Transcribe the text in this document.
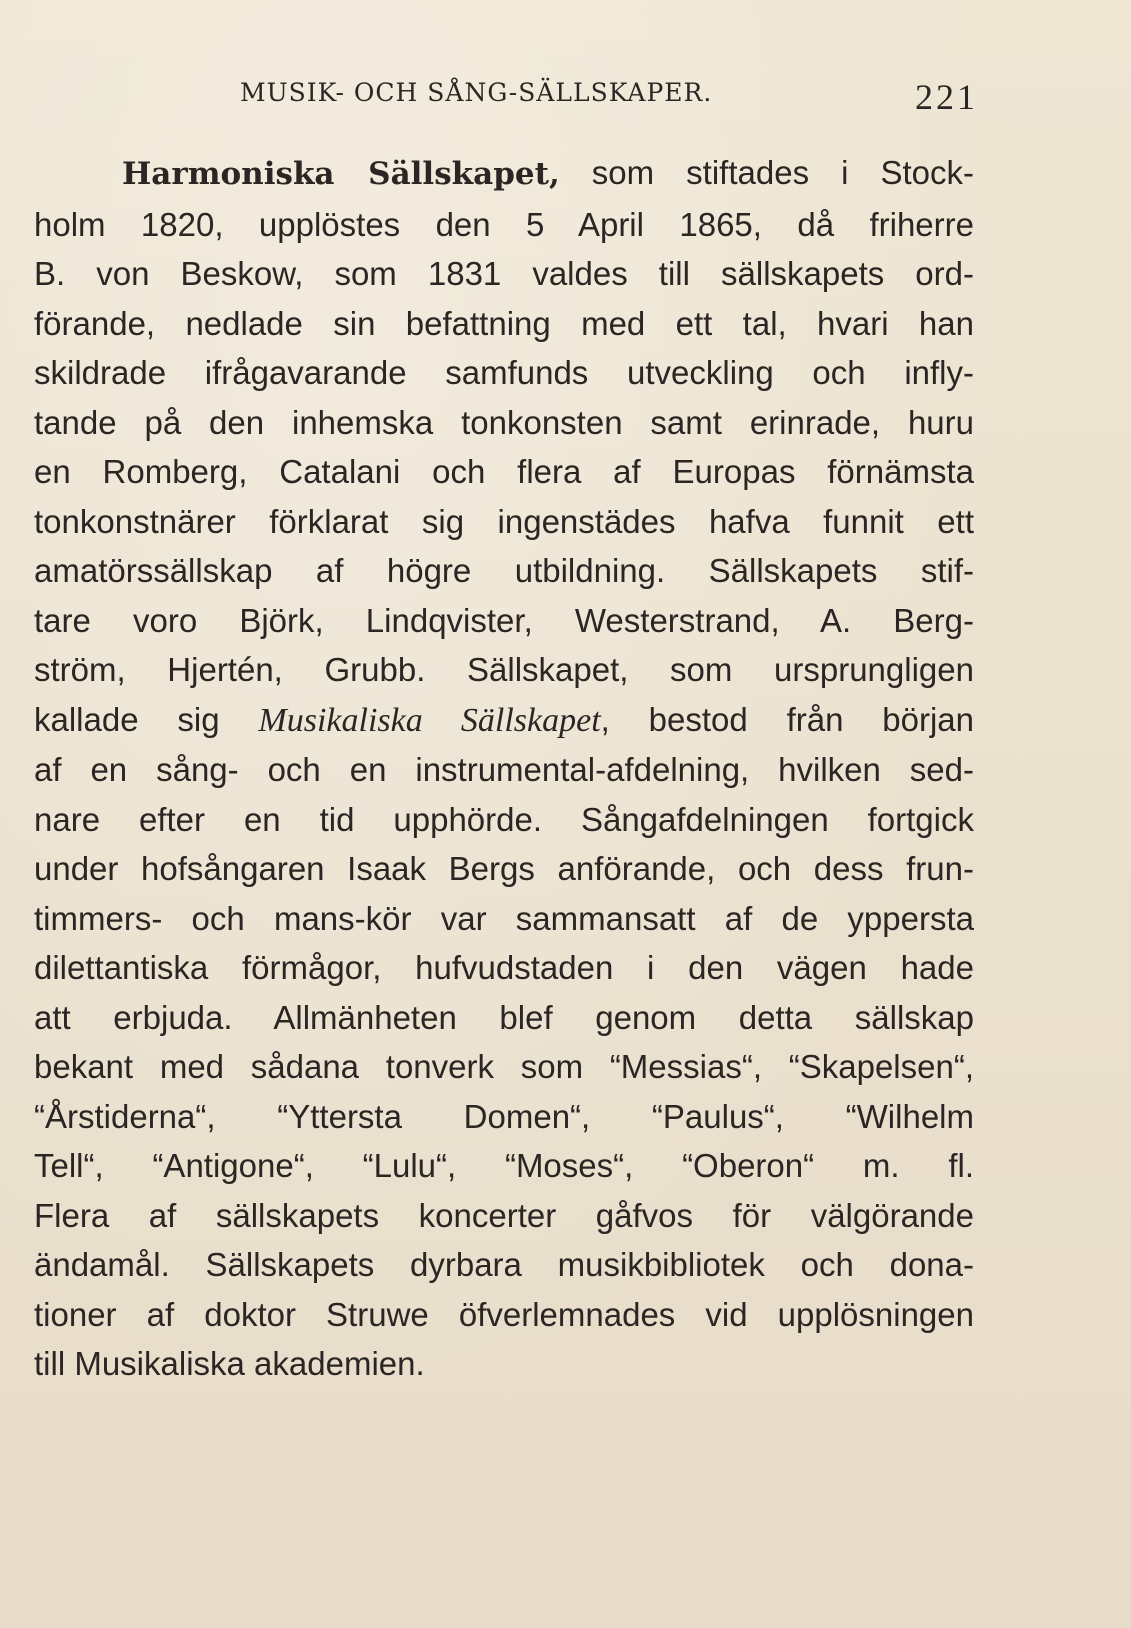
MUSIK- OCH SÅNG-SÄLLSKAPER.	221
Harmoniska Sällskapet, som stiftades i Stock-
holm 1820, upplöstes den 5 April 1865, då friherre
B. von Beskow, som 1831 valdes till sällskapets ord-
förande, nedlade sin befattning med ett tal, hvari han
skildrade ifrågavarande samfunds utveckling och infly-
tande på den inhemska tonkonsten samt erinrade, huru
en Romberg, Catalani och flera af Europas förnämsta
tonkonstnärer förklarat sig ingenstädes hafva funnit ett
amatörssällskap af högre utbildning. Sällskapets stif-
tare voro Björk, Lindqvister, Westerstrand, A. Berg-
ström, Hjertén, Grubb. Sällskapet, som ursprungligen
kallade sig Musikaliska Sällskapet, bestod från början
af en sång- och en instrumental-afdelning, hvilken sed-
nare efter en tid upphörde. Sångafdelningen fortgick
under hofsångaren Isaak Bergs anförande, och dess frun-
timmers- och mans-kör var sammansatt af de yppersta
dilettantiska förmågor, hufvudstaden i den vägen hade
att erbjuda. Allmänheten blef genom detta sällskap
bekant med sådana tonverk som “Messias“, “Skapelsen“,
“Årstiderna“, “Yttersta Domen“, “Paulus“, “Wilhelm
Tell“, “Antigone“, “Lulu“, “Moses“, “Oberon“ m. fl.
Flera af sällskapets koncerter gåfvos för välgörande
ändamål. Sällskapets dyrbara musikbibliotek och dona-
tioner af doktor Struwe öfverlemnades vid upplösningen
till Musikaliska akademien.
